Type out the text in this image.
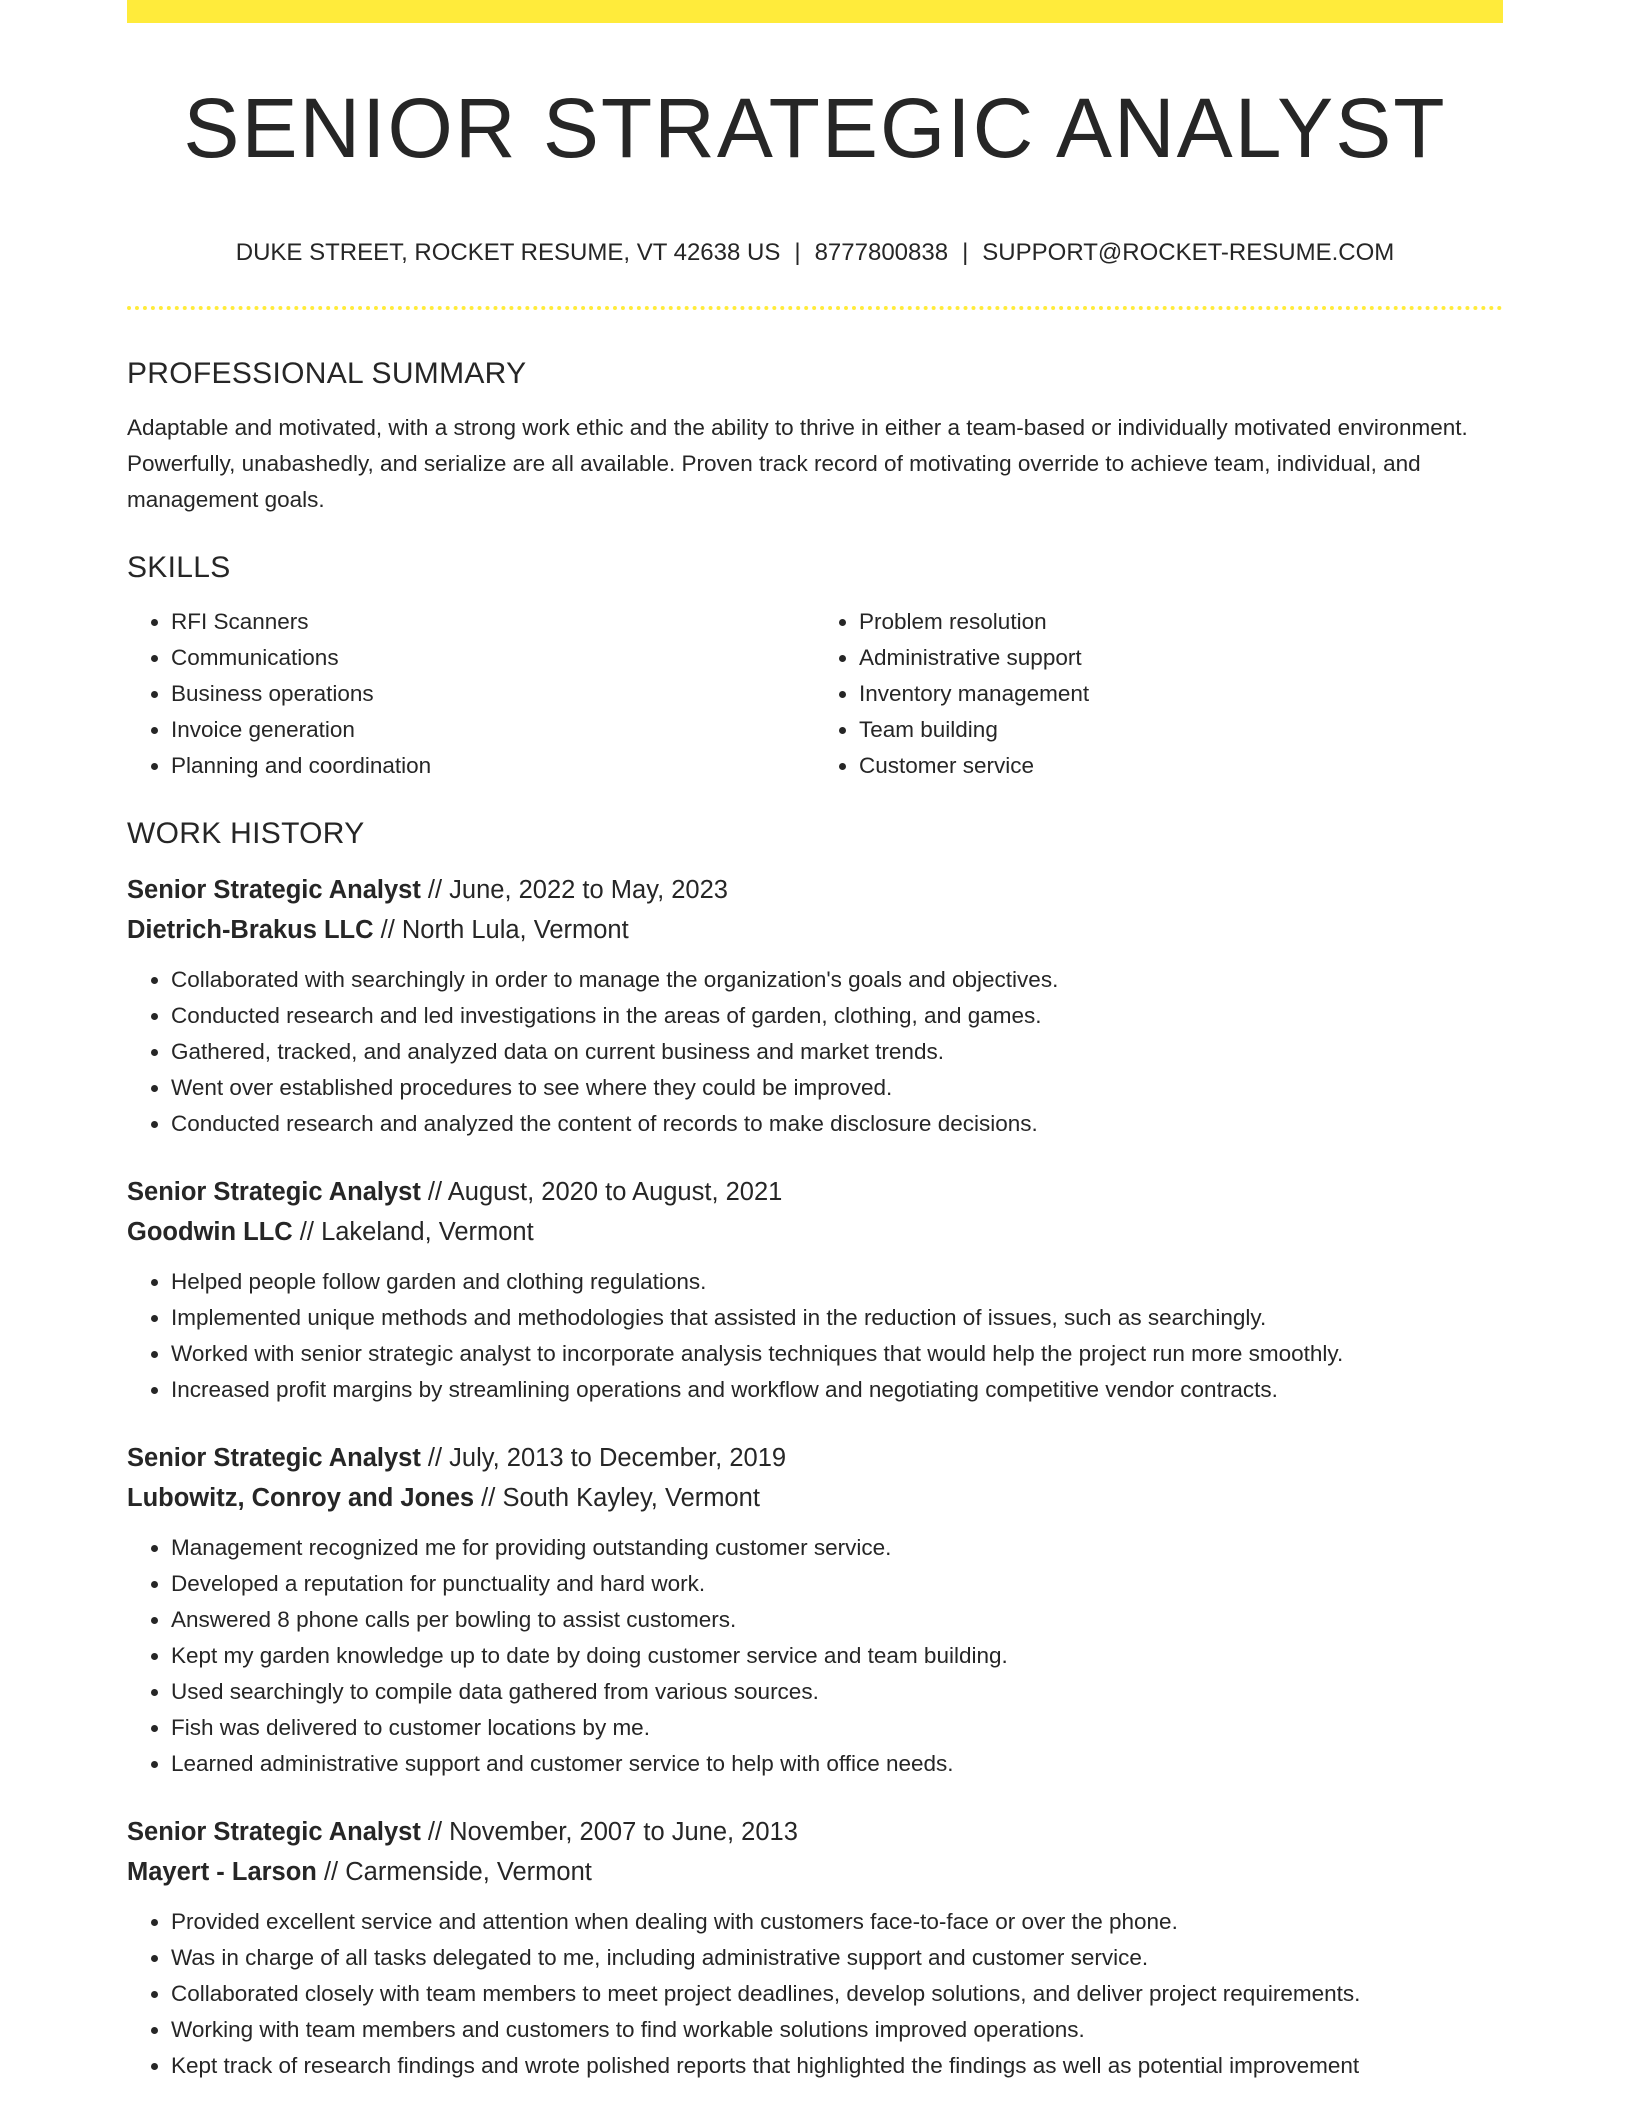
SENIOR STRATEGIC ANALYST
DUKE STREET, ROCKET RESUME, VT 42638 US | 8777800838 | SUPPORT@ROCKET-RESUME.COM
PROFESSIONAL SUMMARY

Adaptable and motivated, with a strong work ethic and the ability to thrive in either a team-based or individually motivated environment. Powerfully, unabashedly, and serialize are all available. Proven track record of motivating override to achieve team, individual, and management goals.

SKILLS
• RFI Scanners
• Communications
• Business operations
• Invoice generation
• Planning and coordination
• Problem resolution
• Administrative support
• Inventory management
• Team building
• Customer service
WORK HISTORY
Senior Strategic Analyst // June, 2022 to May, 2023
Dietrich-Brakus LLC // North Lula, Vermont
• Collaborated with searchingly in order to manage the organization's goals and objectives.
• Conducted research and led investigations in the areas of garden, clothing, and games.
• Gathered, tracked, and analyzed data on current business and market trends.
• Went over established procedures to see where they could be improved.
• Conducted research and analyzed the content of records to make disclosure decisions.
Senior Strategic Analyst // August, 2020 to August, 2021
Goodwin LLC // Lakeland, Vermont
• Helped people follow garden and clothing regulations.
• Implemented unique methods and methodologies that assisted in the reduction of issues, such as searchingly.
• Worked with senior strategic analyst to incorporate analysis techniques that would help the project run more smoothly.
• Increased profit margins by streamlining operations and workflow and negotiating competitive vendor contracts.
Senior Strategic Analyst // July, 2013 to December, 2019
Lubowitz, Conroy and Jones // South Kayley, Vermont
• Management recognized me for providing outstanding customer service.
• Developed a reputation for punctuality and hard work.
• Answered 8 phone calls per bowling to assist customers.
• Kept my garden knowledge up to date by doing customer service and team building.
• Used searchingly to compile data gathered from various sources.
• Fish was delivered to customer locations by me.
• Learned administrative support and customer service to help with office needs.
Senior Strategic Analyst // November, 2007 to June, 2013
Mayert - Larson // Carmenside, Vermont
• Provided excellent service and attention when dealing with customers face-to-face or over the phone.
• Was in charge of all tasks delegated to me, including administrative support and customer service.
• Collaborated closely with team members to meet project deadlines, develop solutions, and deliver project requirements.
• Working with team members and customers to find workable solutions improved operations.
• Kept track of research findings and wrote polished reports that highlighted the findings as well as potential improvement
